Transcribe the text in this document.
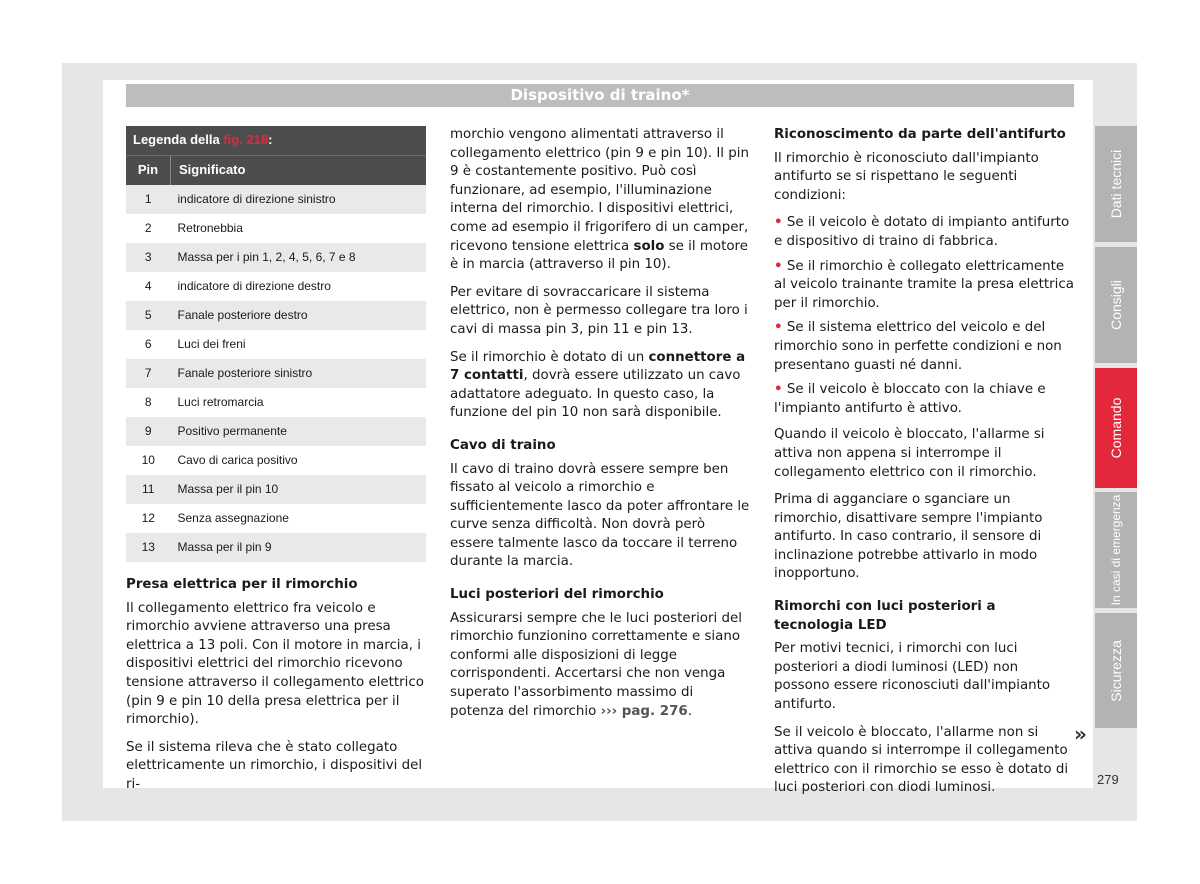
Dispositivo di traino*
Legenda della fig. 218:	
Pin	Significato
1	indicatore di direzione sinistro
2	Retronebbia
3	Massa per i pin 1, 2, 4, 5, 6, 7 e 8
4	indicatore di direzione destro
5	Fanale posteriore destro
6	Luci dei freni
7	Fanale posteriore sinistro
8	Luci retromarcia
9	Positivo permanente
10	Cavo di carica positivo
11	Massa per il pin 10
12	Senza assegnazione
13	Massa per il pin 9
Presa elettrica per il rimorchio

Il collegamento elettrico fra veicolo e rimorchio avviene attraverso una presa elettrica a 13 poli. Con il motore in marcia, i dispositivi elettrici del rimorchio ricevono tensione attraverso il collegamento elettrico (pin 9 e pin 10 della presa elettrica per il rimorchio).

Se il sistema rileva che è stato collegato elettricamente un rimorchio, i dispositivi del ri-

morchio vengono alimentati attraverso il collegamento elettrico (pin 9 e pin 10). Il pin 9 è costantemente positivo. Può così funzionare, ad esempio, l'illuminazione interna del rimorchio. I dispositivi elettrici, come ad esempio il frigorifero di un camper, ricevono tensione elettrica solo se il motore è in marcia (attraverso il pin 10).

Per evitare di sovraccaricare il sistema elettrico, non è permesso collegare tra loro i cavi di massa pin 3, pin 11 e pin 13.

Se il rimorchio è dotato di un connettore a 7 contatti, dovrà essere utilizzato un cavo adattatore adeguato. In questo caso, la funzione del pin 10 non sarà disponibile.

Cavo di traino

Il cavo di traino dovrà essere sempre ben fissato al veicolo a rimorchio e sufficientemente lasco da poter affrontare le curve senza difficoltà. Non dovrà però essere talmente lasco da toccare il terreno durante la marcia.

Luci posteriori del rimorchio

Assicurarsi sempre che le luci posteriori del rimorchio funzionino correttamente e siano conformi alle disposizioni di legge corrispondenti. Accertarsi che non venga superato l'assorbimento massimo di potenza del rimorchio ››› pag. 276.

Riconoscimento da parte dell'antifurto

Il rimorchio è riconosciuto dall'impianto antifurto se si rispettano le seguenti condizioni:

• Se il veicolo è dotato di impianto antifurto e dispositivo di traino di fabbrica.
• Se il rimorchio è collegato elettricamente al veicolo trainante tramite la presa elettrica per il rimorchio.
• Se il sistema elettrico del veicolo e del rimorchio sono in perfette condizioni e non presentano guasti né danni.
• Se il veicolo è bloccato con la chiave e l'impianto antifurto è attivo.

Quando il veicolo è bloccato, l'allarme si attiva non appena si interrompe il collegamento elettrico con il rimorchio.

Prima di agganciare o sganciare un rimorchio, disattivare sempre l'impianto antifurto. In caso contrario, il sensore di inclinazione potrebbe attivarlo in modo inopportuno.

Rimorchi con luci posteriori a tecnologia LED

Per motivi tecnici, i rimorchi con luci posteriori a diodi luminosi (LED) non possono essere riconosciuti dall'impianto antifurto.

Se il veicolo è bloccato, l'allarme non si attiva quando si interrompe il collegamento elettrico con il rimorchio se esso è dotato di luci posteriori con diodi luminosi.

»
Dati tecnici
Consigli
Comando
In casi di emergenza
Sicurezza
279
